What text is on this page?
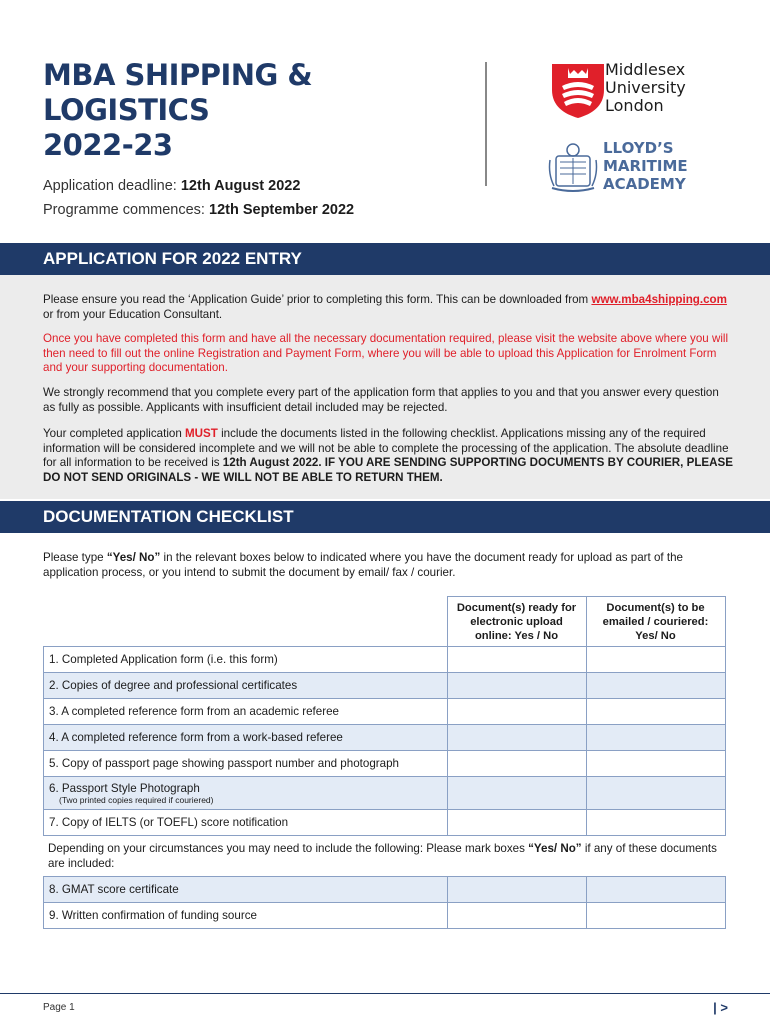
MBA SHIPPING &
LOGISTICS
2022-23
Application deadline: 12th August 2022
Programme commences: 12th September 2022
Middlesex
University
London
LLOYD’S
MARITIME
ACADEMY
APPLICATION FOR 2022 ENTRY
Please ensure you read the ‘Application Guide’ prior to completing this form. This can be downloaded from www.mba4shipping.com or from your Education Consultant.
Once you have completed this form and have all the necessary documentation required, please visit the website above where you will then need to fill out the online Registration and Payment Form, where you will be able to upload this Application for Enrolment Form and your supporting documentation.
We strongly recommend that you complete every part of the application form that applies to you and that you answer every question as fully as possible. Applicants with insufficient detail included may be rejected.
Your completed application MUST include the documents listed in the following checklist. Applications missing any of the required information will be considered incomplete and we will not be able to complete the processing of the application. The absolute deadline for all information to be received is 12th August 2022. IF YOU ARE SENDING SUPPORTING DOCUMENTS BY COURIER, PLEASE DO NOT SEND ORIGINALS - WE WILL NOT BE ABLE TO RETURN THEM.
DOCUMENTATION CHECKLIST
Please type “Yes/ No” in the relevant boxes below to indicated where you have the document ready for upload as part of the application process, or you intend to submit the document by email/ fax / courier.
	Document(s) ready for electronic upload online: Yes / No	Document(s) to be emailed / couriered: Yes/ No
1. Completed Application form (i.e. this form)		
2. Copies of degree and professional certificates		
3. A completed reference form from an academic referee		
4. A completed reference form from a work-based referee		
5. Copy of passport page showing passport number and photograph		
6. Passport Style Photograph
(Two printed copies required if couriered)		

7. Copy of IELTS (or TOEFL) score notification		
Depending on your circumstances you may need to include the following: Please mark boxes “Yes/ No” if any of these documents are included:
8. GMAT score certificate		
9. Written confirmation of funding source		
Page 1	| >
